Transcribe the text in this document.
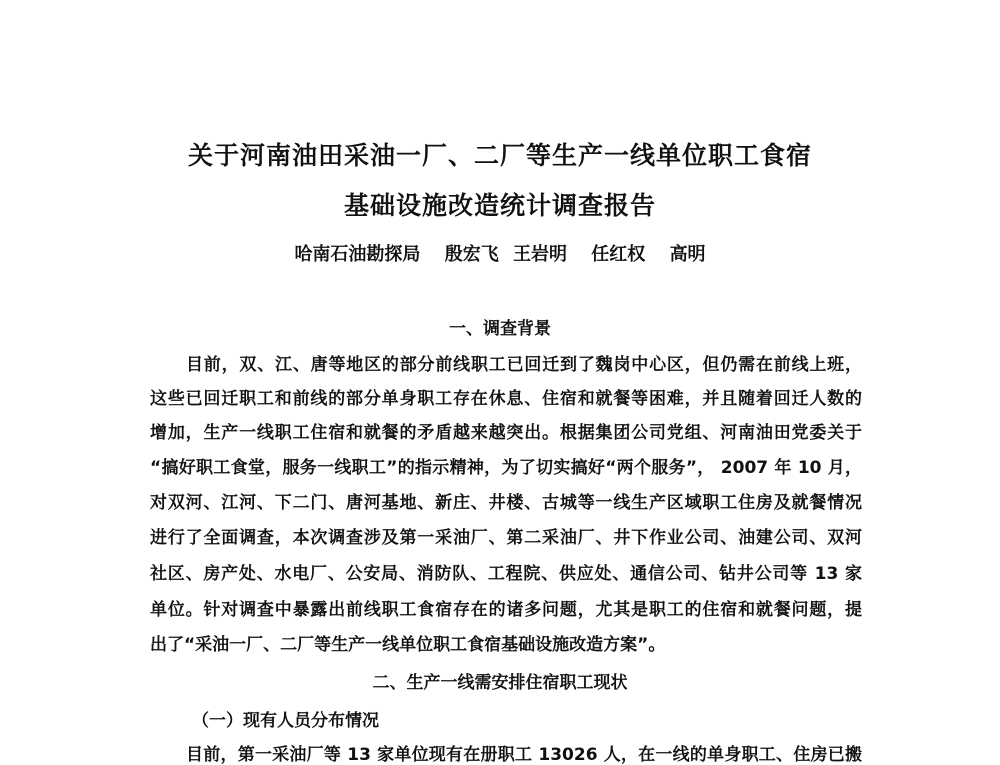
关于河南油田采油一厂、二厂等生产一线单位职工食宿
基础设施改造统计调查报告
哈南石油勘探局 殷宏飞 王岩明 任红权 高明
一、调查背景
目前，双、江、唐等地区的部分前线职工已回迁到了魏岗中心区，但仍需在前线上班，
这些已回迁职工和前线的部分单身职工存在休息、住宿和就餐等困难，并且随着回迁人数的
增加，生产一线职工住宿和就餐的矛盾越来越突出。根据集团公司党组、河南油田党委关于
“搞好职工食堂，服务一线职工”的指示精神，为了切实搞好“两个服务”， 2007 年 10 月，
对双河、江河、下二门、唐河基地、新庄、井楼、古城等一线生产区域职工住房及就餐情况
进行了全面调查，本次调查涉及第一采油厂、第二采油厂、井下作业公司、油建公司、双河
社区、房产处、水电厂、公安局、消防队、工程院、供应处、通信公司、钻井公司等 13 家
单位。针对调查中暴露出前线职工食宿存在的诸多问题，尤其是职工的住宿和就餐问题，提
出了“采油一厂、二厂等生产一线单位职工食宿基础设施改造方案”。
二、生产一线需安排住宿职工现状
（一）现有人员分布情况
目前，第一采油厂等 13 家单位现有在册职工 13026 人，在一线的单身职工、住房已搬
